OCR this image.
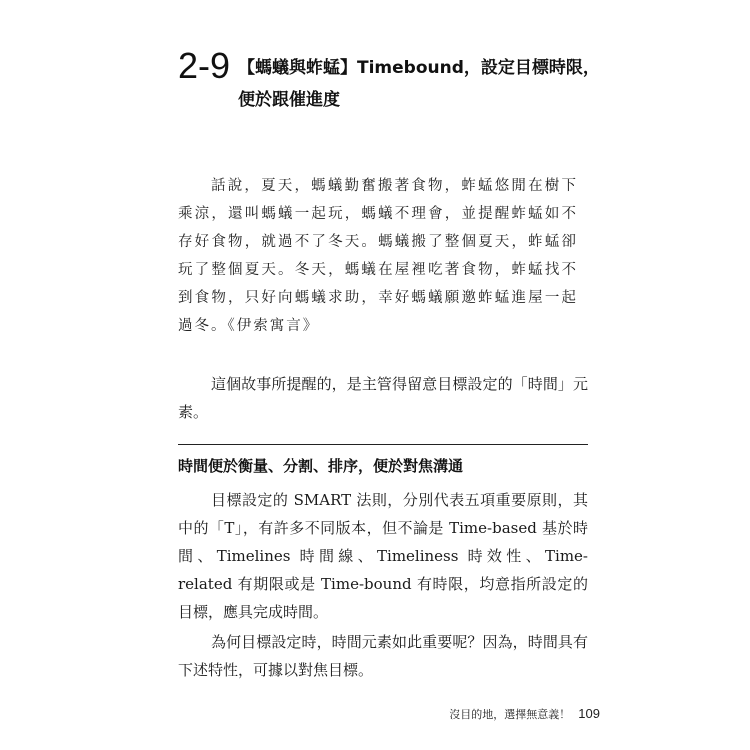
2-9 【螞蟻與蚱蜢】Timebound，設定目標時限，
便於跟催進度

話說，夏天，螞蟻勤奮搬著食物，蚱蜢悠閒在樹下乘涼，還叫螞蟻一起玩，螞蟻不理會，並提醒蚱蜢如不存好食物，就過不了冬天。螞蟻搬了整個夏天，蚱蜢卻玩了整個夏天。冬天，螞蟻在屋裡吃著食物，蚱蜢找不到食物，只好向螞蟻求助，幸好螞蟻願邀蚱蜢進屋一起過冬。《伊索寓言》

這個故事所提醒的，是主管得留意目標設定的「時間」元素。

時間便於衡量、分割、排序，便於對焦溝通

目標設定的 SMART 法則，分別代表五項重要原則，其中的「T」，有許多不同版本，但不論是 Time-based 基於時間、Timelines 時間線、Timeliness 時效性、Time-related 有期限或是 Time-bound 有時限，均意指所設定的目標，應具完成時間。

為何目標設定時，時間元素如此重要呢？因為，時間具有下述特性，可據以對焦目標。

沒目的地，選擇無意義！ 109
